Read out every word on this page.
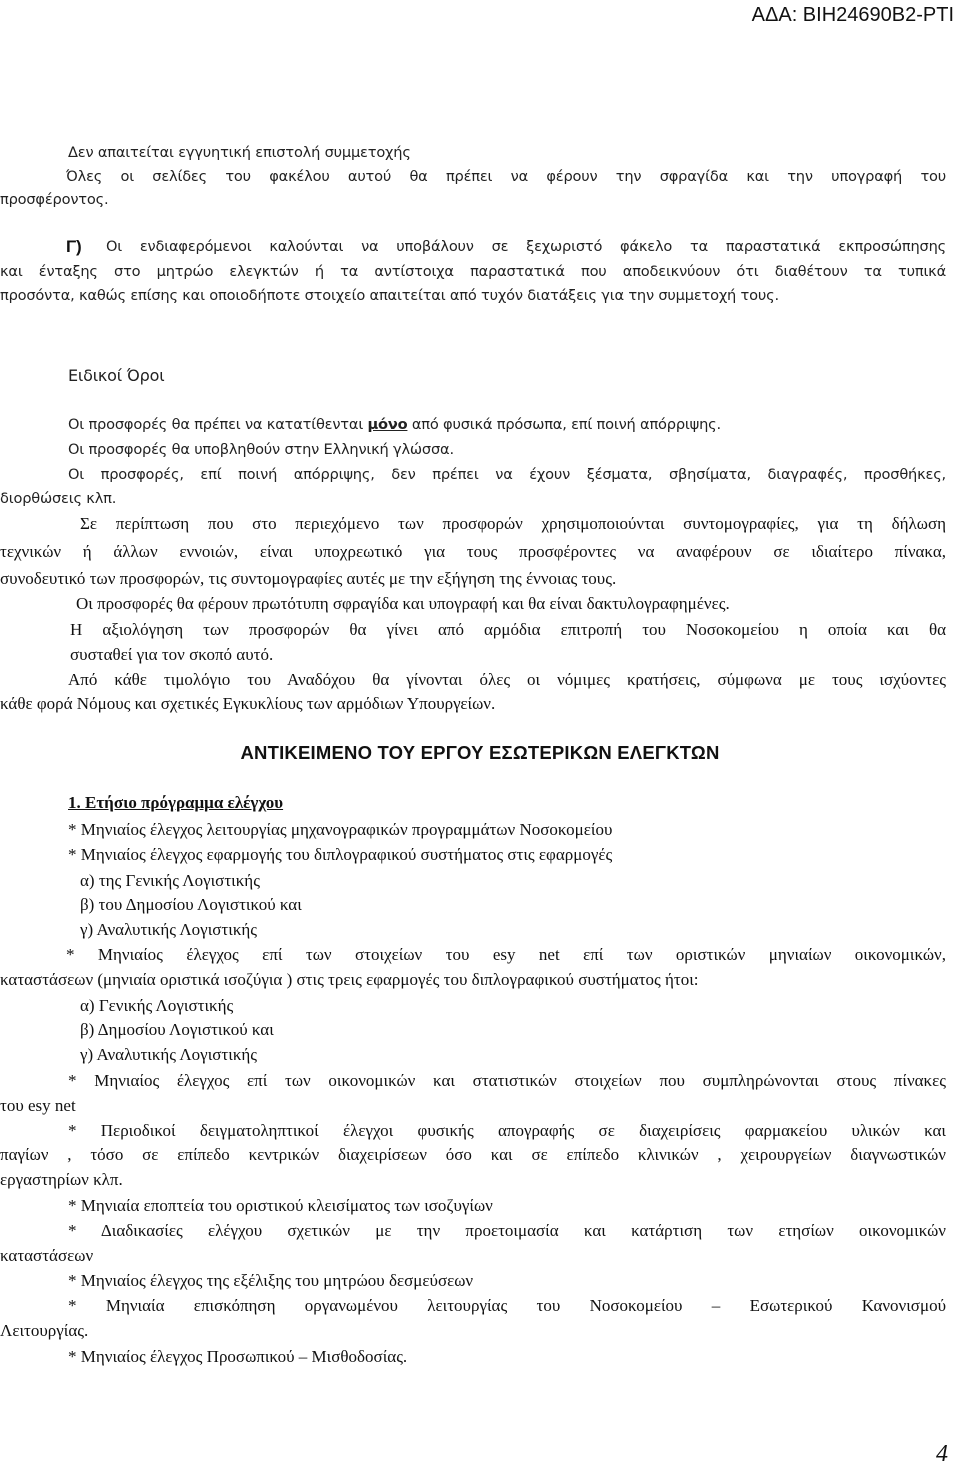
ΑΔΑ: ΒΙΗ24690Β2-ΡΤΙ
Δεν απαιτείται εγγυητική επιστολή συμμετοχής
Όλες οι σελίδες του φακέλου αυτού θα πρέπει να φέρουν την σφραγίδα και την υπογραφή του
προσφέροντος.
Γ) Οι ενδιαφερόμενοι καλούνται να υποβάλουν σε ξεχωριστό φάκελο τα παραστατικά εκπροσώπησης
και ένταξης στο μητρώο ελεγκτών ή τα αντίστοιχα παραστατικά που αποδεικνύουν ότι διαθέτουν τα τυπικά
προσόντα, καθώς επίσης και οποιοδήποτε στοιχείο απαιτείται από τυχόν διατάξεις για την συμμετοχή τους.
Ειδικοί Όροι
Οι προσφορές θα πρέπει να κατατίθενται μόνο από φυσικά πρόσωπα, επί ποινή απόρριψης.
Οι προσφορές θα υποβληθούν στην Ελληνική γλώσσα.
Οι προσφορές, επί ποινή απόρριψης, δεν πρέπει να έχουν ξέσματα, σβησίματα, διαγραφές, προσθήκες,
διορθώσεις κλπ.
Σε περίπτωση που στο περιεχόμενο των προσφορών χρησιμοποιούνται συντομογραφίες, για τη δήλωση
τεχνικών ή άλλων εννοιών, είναι υποχρεωτικό για τους προσφέροντες να αναφέρουν σε ιδιαίτερο πίνακα,
συνοδευτικό των προσφορών, τις συντομογραφίες αυτές με την εξήγηση της έννοιας τους.
Οι προσφορές θα φέρουν πρωτότυπη σφραγίδα και υπογραφή και θα είναι δακτυλογραφημένες.
Η αξιολόγηση των προσφορών θα γίνει από αρμόδια επιτροπή του Νοσοκομείου η οποία και θα
συσταθεί για τον σκοπό αυτό.
Από κάθε τιμολόγιο του Αναδόχου θα γίνονται όλες οι νόμιμες κρατήσεις, σύμφωνα με τους ισχύοντες
κάθε φορά Νόμους και σχετικές Εγκυκλίους των αρμόδιων Υπουργείων.
ΑΝΤΙΚΕΙΜΕΝΟ ΤΟΥ ΕΡΓΟΥ ΕΣΩΤΕΡΙΚΩΝ ΕΛΕΓΚΤΩΝ
1. Ετήσιο πρόγραμμα ελέγχου
* Μηνιαίος έλεγχος λειτουργίας μηχανογραφικών προγραμμάτων Νοσοκομείου
* Μηνιαίος έλεγχος εφαρμογής του διπλογραφικού συστήματος στις εφαρμογές
α) της Γενικής Λογιστικής
β) του Δημοσίου Λογιστικού και
γ) Αναλυτικής Λογιστικής
* Μηνιαίος έλεγχος επί των στοιχείων του esy net επί των οριστικών μηνιαίων οικονομικών,
καταστάσεων (μηνιαία οριστικά ισοζύγια ) στις τρεις εφαρμογές του διπλογραφικού συστήματος ήτοι:
α) Γενικής Λογιστικής
β) Δημοσίου Λογιστικού και
γ) Αναλυτικής Λογιστικής
* Μηνιαίος έλεγχος επί των οικονομικών και στατιστικών στοιχείων που συμπληρώνονται στους πίνακες
του esy net
* Περιοδικοί δειγματοληπτικοί έλεγχοι φυσικής απογραφής σε διαχειρίσεις φαρμακείου υλικών και
παγίων , τόσο σε επίπεδο κεντρικών διαχειρίσεων όσο και σε επίπεδο κλινικών , χειρουργείων διαγνωστικών
εργαστηρίων κλπ.
* Μηνιαία εποπτεία του οριστικού κλεισίματος των ισοζυγίων
* Διαδικασίες ελέγχου σχετικών με την προετοιμασία και κατάρτιση των ετησίων οικονομικών
καταστάσεων
* Μηνιαίος έλεγχος της εξέλιξης του μητρώου δεσμεύσεων
* Μηνιαία επισκόπηση οργανωμένου λειτουργίας του Νοσοκομείου – Εσωτερικού Κανονισμού
Λειτουργίας.
* Μηνιαίος έλεγχος Προσωπικού – Μισθοδοσίας.
4
